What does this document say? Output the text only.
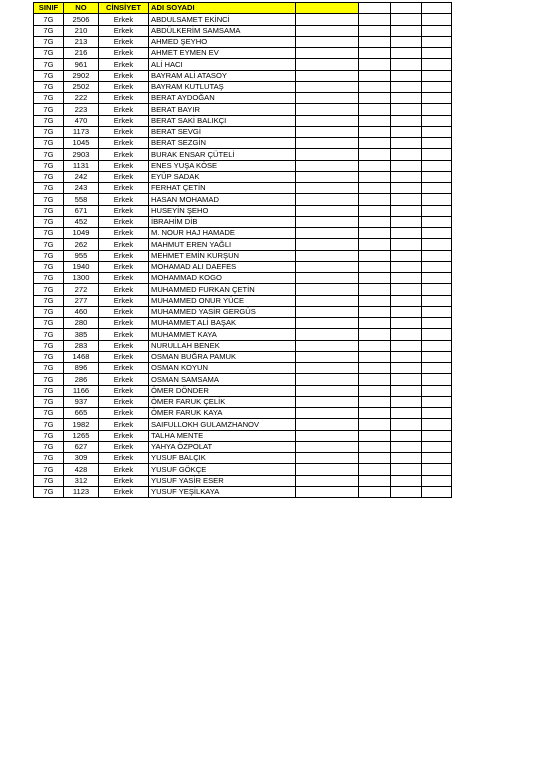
SINIF	NO	CİNSİYET	ADI SOYADI				
7G	2506	Erkek	ABDULSAMET EKİNCİ				
7G	210	Erkek	ABDÜLKERİM SAMSAMA				
7G	213	Erkek	AHMED ŞEYHO				
7G	216	Erkek	AHMET EYMEN EV				
7G	961	Erkek	ALİ HACI				
7G	2902	Erkek	BAYRAM ALİ ATASOY				
7G	2502	Erkek	BAYRAM KUTLUTAŞ				
7G	222	Erkek	BERAT AYDOĞAN				
7G	223	Erkek	BERAT BAYIR				
7G	470	Erkek	BERAT SAKİ BALIKÇI				
7G	1173	Erkek	BERAT SEVGİ				
7G	1045	Erkek	BERAT SEZGİN				
7G	2903	Erkek	BURAK ENSAR ÇÜTELİ				
7G	1131	Erkek	ENES YUŞA KÖSE				
7G	242	Erkek	EYÜP SADAK				
7G	243	Erkek	FERHAT ÇETİN				
7G	558	Erkek	HASAN MOHAMAD				
7G	671	Erkek	HUSEYİN ŞEHO				
7G	452	Erkek	İBRAHİM DİB				
7G	1049	Erkek	M. NOUR HAJ HAMADE				
7G	262	Erkek	MAHMUT EREN YAĞLI				
7G	955	Erkek	MEHMET EMİN KURŞUN				
7G	1940	Erkek	MOHAMAD ALI DAEFES				
7G	1300	Erkek	MOHAMMAD KOGO				
7G	272	Erkek	MUHAMMED FURKAN ÇETİN				
7G	277	Erkek	MUHAMMED ONUR YÜCE				
7G	460	Erkek	MUHAMMED YASİR GERGÜS				
7G	280	Erkek	MUHAMMET ALİ BAŞAK				
7G	385	Erkek	MUHAMMET KAYA				
7G	283	Erkek	NURULLAH BENEK				
7G	1468	Erkek	OSMAN BUĞRA PAMUK				
7G	896	Erkek	OSMAN KOYUN				
7G	286	Erkek	OSMAN SAMSAMA				
7G	1166	Erkek	ÖMER DÖNDER				
7G	937	Erkek	ÖMER FARUK ÇELİK				
7G	665	Erkek	ÖMER FARUK KAYA				
7G	1982	Erkek	SAIFULLOKH GULAMZHANOV				
7G	1265	Erkek	TALHA MENTE				
7G	627	Erkek	YAHYA ÖZPOLAT				
7G	309	Erkek	YUSUF BALÇIK				
7G	428	Erkek	YUSUF GÖKÇE				
7G	312	Erkek	YUSUF YASİR ESER				
7G	1123	Erkek	YUSUF YEŞİLKAYA				
